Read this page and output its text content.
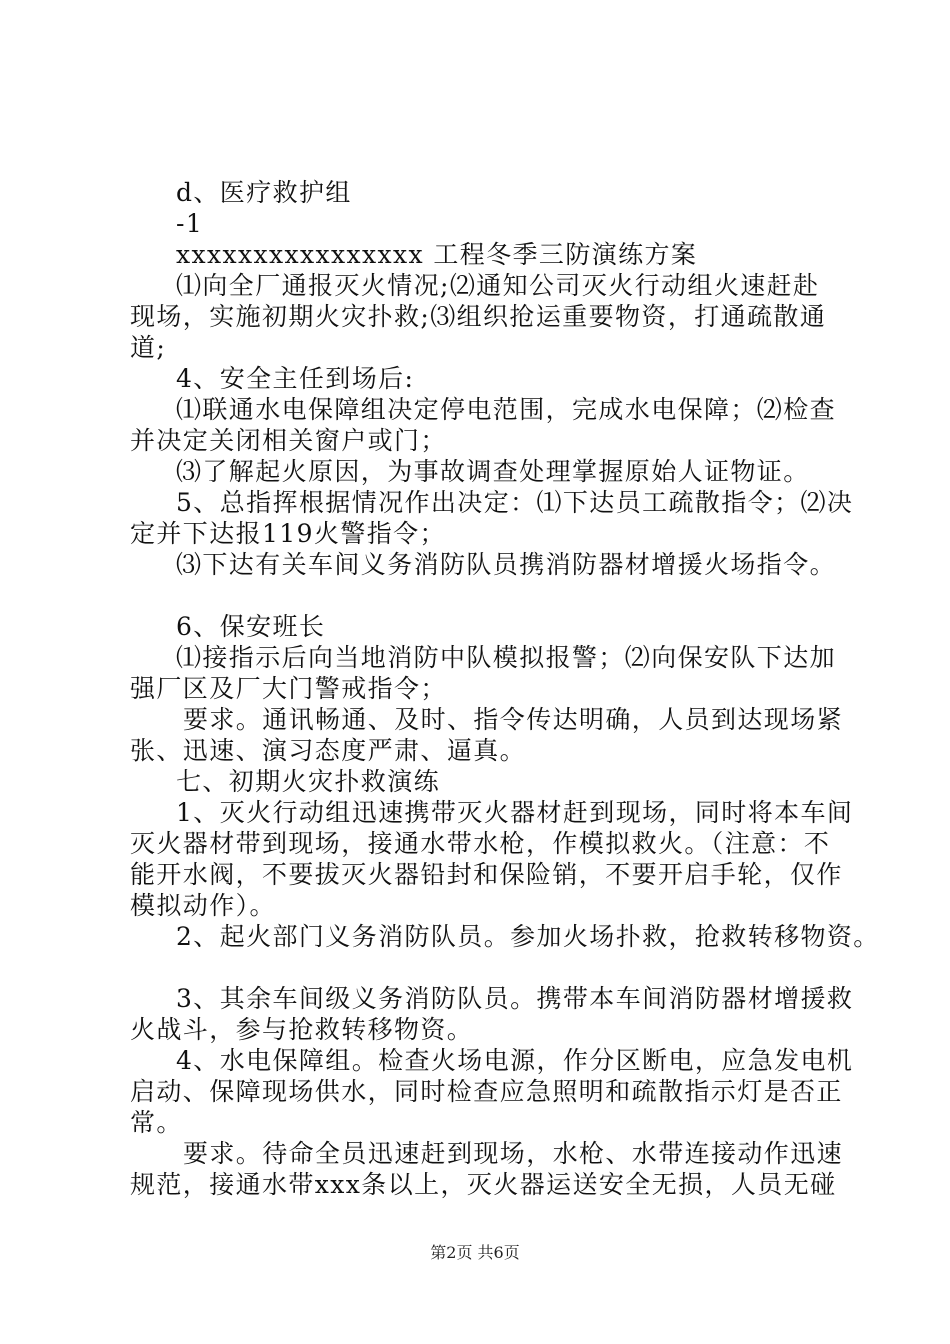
d、医疗救护组
-1
xxxxxxxxxxxxxxxx 工程冬季三防演练方案
⑴向全厂通报灭火情况;⑵通知公司灭火行动组火速赶赴
现场，实施初期火灾扑救;⑶组织抢运重要物资，打通疏散通
道;
4、安全主任到场后:
⑴联通水电保障组决定停电范围，完成水电保障；⑵检查
并决定关闭相关窗户或门；
⑶了解起火原因，为事故调查处理掌握原始人证物证。
5、总指挥根据情况作出决定：⑴下达员工疏散指令；⑵决
定并下达报119火警指令；
⑶下达有关车间义务消防队员携消防器材增援火场指令。
6、保安班长
⑴接指示后向当地消防中队模拟报警；⑵向保安队下达加
强厂区及厂大门警戒指令；
要求。通讯畅通、及时、指令传达明确，人员到达现场紧
张、迅速、演习态度严肃、逼真。
七、初期火灾扑救演练
1、灭火行动组迅速携带灭火器材赶到现场，同时将本车间
灭火器材带到现场，接通水带水枪，作模拟救火。（注意：不
能开水阀，不要拔灭火器铅封和保险销，不要开启手轮，仅作
模拟动作）。
2、起火部门义务消防队员。参加火场扑救，抢救转移物资。
3、其余车间级义务消防队员。携带本车间消防器材增援救
火战斗，参与抢救转移物资。
4、水电保障组。检查火场电源，作分区断电，应急发电机
启动、保障现场供水，同时检查应急照明和疏散指示灯是否正
常。
要求。待命全员迅速赶到现场，水枪、水带连接动作迅速
规范，接通水带xxx条以上，灭火器运送安全无损，人员无碰
第2页 共6页
